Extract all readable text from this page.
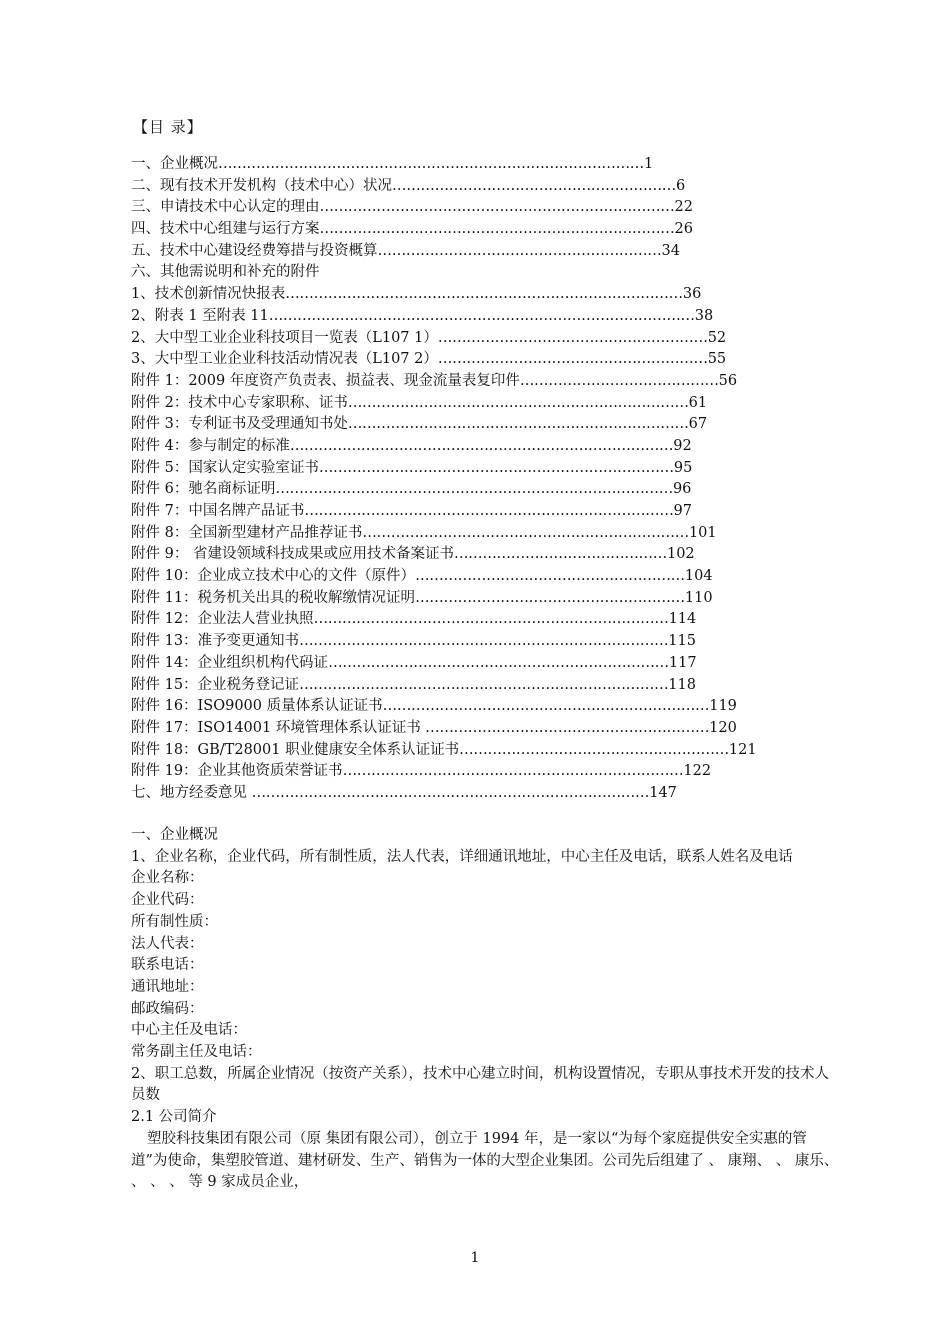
【目 录】
一、企业概况………………………………………………………………………………1
二、现有技术开发机构（技术中心）状况……………………………………………………6
三、申请技术中心认定的理由…………………………………………………………………22
四、技术中心组建与运行方案…………………………………………………………………26
五、技术中心建设经费筹措与投资概算……………………………………………………34
六、其他需说明和补充的附件
1、技术创新情况快报表…………………………………………………………………………36
2、附表 1 至附表 11………………………………………………………………………………38
2、大中型工业企业科技项目一览表（L107 1）…………………………………………………52
3、大中型工业企业科技活动情况表（L107 2）…………………………………………………55
附件 1：2009 年度资产负责表、损益表、现金流量表复印件……………………………………56
附件 2：技术中心专家职称、证书………………………………………………………………61
附件 3：专利证书及受理通知书处………………………………………………………………67
附件 4：参与制定的标准………………………………………………………………………92
附件 5：国家认定实验室证书…………………………………………………………………95
附件 6：驰名商标证明…………………………………………………………………………96
附件 7：中国名牌产品证书……………………………………………………………………97
附件 8：全国新型建材产品推荐证书……………………………………………………………101
附件 9： 省建设领域科技成果或应用技术备案证书………………………………………102
附件 10：企业成立技术中心的文件（原件）…………………………………………………104
附件 11：税务机关出具的税收解缴情况证明…………………………………………………110
附件 12：企业法人营业执照…………………………………………………………………114
附件 13：准予变更通知书……………………………………………………………………115
附件 14：企业组织机构代码证………………………………………………………………117
附件 15：企业税务登记证……………………………………………………………………118
附件 16：ISO9000 质量体系认证证书……………………………………………………………119
附件 17：ISO14001 环境管理体系认证证书 ……………………………………………………120
附件 18：GB/T28001 职业健康安全体系认证证书…………………………………………………121
附件 19：企业其他资质荣誉证书………………………………………………………………122
七、地方经委意见 …………………………………………………………………………147

一、企业概况

1、企业名称，企业代码，所有制性质，法人代表，详细通讯地址，中心主任及电话，联系人姓名及电话

企业名称：

企业代码：

所有制性质：

法人代表：

联系电话：

通讯地址：

邮政编码：

中心主任及电话：

常务副主任及电话：

2、职工总数，所属企业情况（按资产关系），技术中心建立时间，机构设置情况，专职从事技术开发的技术人员数

2.1 公司简介

塑胶科技集团有限公司（原 集团有限公司），创立于 1994 年，是一家以“为每个家庭提供安全实惠的管道”为使命，集塑胶管道、建材研发、生产、销售为一体的大型企业集团。公司先后组建了 、 康翔、 、 康乐、 、 、 、 等 9 家成员企业，

1
